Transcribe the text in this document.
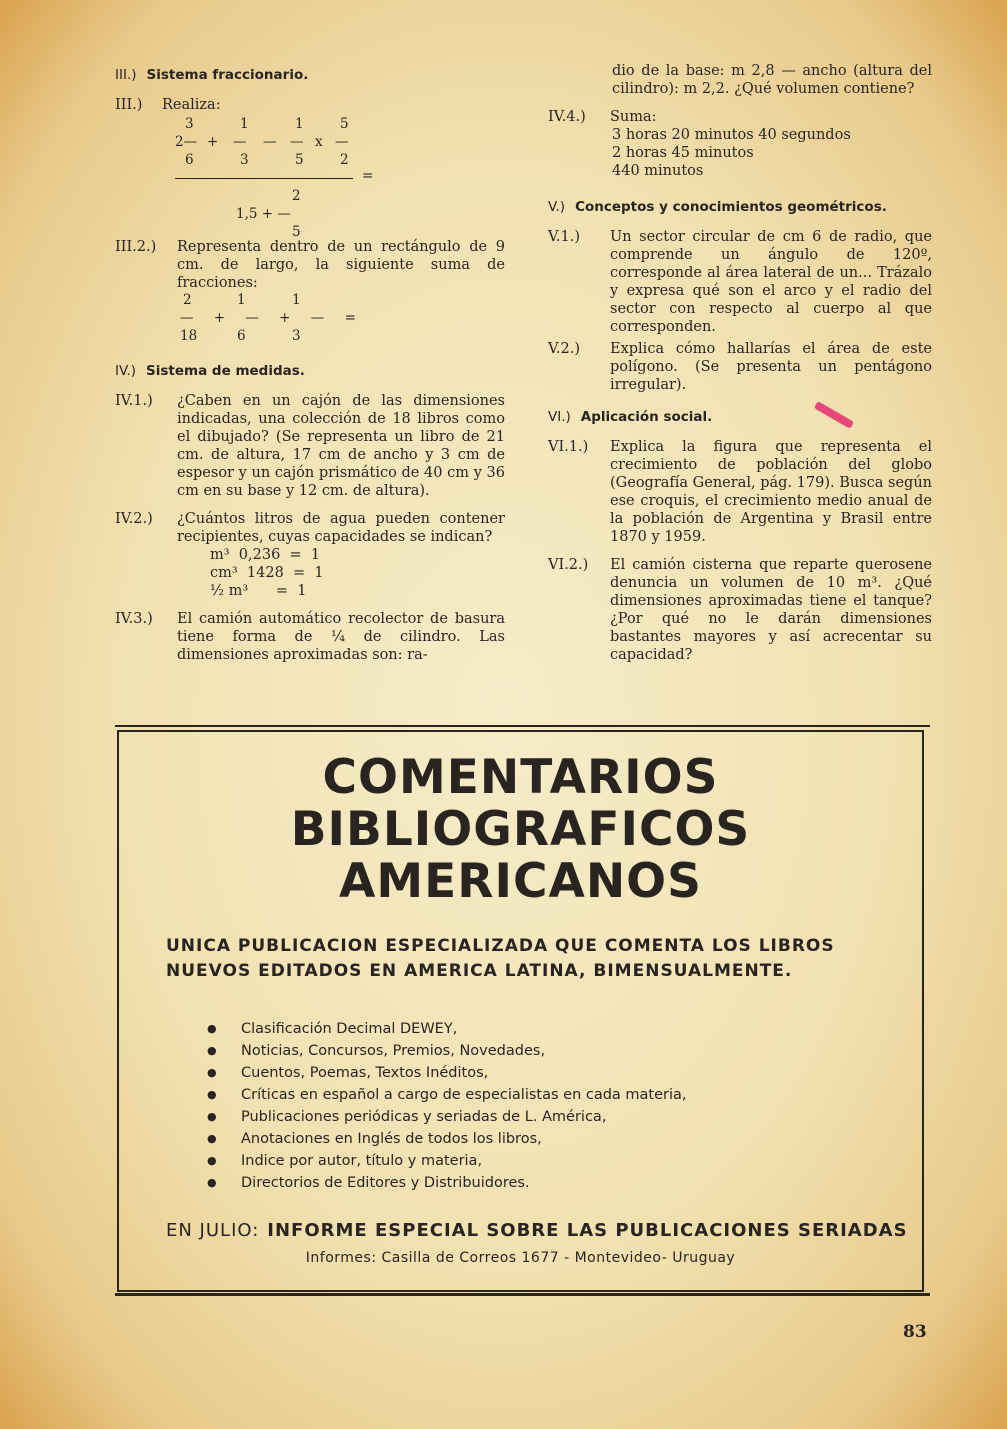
III.) Sistema fraccionario.
III.)	Realiza:
3	1	1	5
2— + — — — x —
6	3	5	2
=
2
1,5 + —
5
III.2.)	Representa dentro de un rectángulo de 9 cm. de largo, la siguiente suma de fracciones:
2	1	1
— + — + — =
18	6	3
IV.) Sistema de medidas.
IV.1.)	¿Caben en un cajón de las dimensiones indicadas, una colección de 18 libros como el dibujado? (Se representa un libro de 21 cm. de altura, 17 cm de ancho y 3 cm de espesor y un cajón prismático de 40 cm y 36 cm en su base y 12 cm. de altura).
IV.2.)	¿Cuántos litros de agua pueden contener recipientes, cuyas capacidades se indican?
m³  0,236  =  1
cm³  1428  =  1
½ m³      =  1
IV.3.)	El camión automático recolector de basura tiene forma de ¼ de cilindro. Las dimensiones aproximadas son: ra-
dio de la base: m 2,8 — ancho (altura del cilindro): m 2,2. ¿Qué volumen contiene?
IV.4.)	Suma:
3 horas 20 minutos 40 segundos
2 horas 45 minutos
440 minutos
V.) Conceptos y conocimientos geométricos.
V.1.)	Un sector circular de cm 6 de radio, que comprende un ángulo de 120º, corresponde al área lateral de un... Trázalo y expresa qué son el arco y el radio del sector con respecto al cuerpo al que corresponden.
V.2.)	Explica cómo hallarías el área de este polígono. (Se presenta un pentágono irregular).
VI.) Aplicación social.
VI.1.)	Explica la figura que representa el crecimiento de población del globo (Geografía General, pág. 179). Busca según ese croquis, el crecimiento medio anual de la población de Argentina y Brasil entre 1870 y 1959.
VI.2.)	El camión cisterna que reparte querosene denuncia un volumen de 10 m³. ¿Qué dimensiones aproximadas tiene el tanque? ¿Por qué no le darán dimensiones bastantes mayores y así acrecentar su capacidad?
COMENTARIOS
BIBLIOGRAFICOS
AMERICANOS
UNICA PUBLICACION ESPECIALIZADA QUE COMENTA LOS LIBROS
NUEVOS EDITADOS EN AMERICA LATINA, BIMENSUALMENTE.
● Clasificación Decimal DEWEY,
● Noticias, Concursos, Premios, Novedades,
● Cuentos, Poemas, Textos Inéditos,
● Críticas en español a cargo de especialistas en cada materia,
● Publicaciones periódicas y seriadas de L. América,
● Anotaciones en Inglés de todos los libros,
● Indice por autor, título y materia,
● Directorios de Editores y Distribuidores.
EN JULIO: INFORME ESPECIAL SOBRE LAS PUBLICACIONES SERIADAS
Informes: Casilla de Correos 1677 - Montevideo- Uruguay
83
